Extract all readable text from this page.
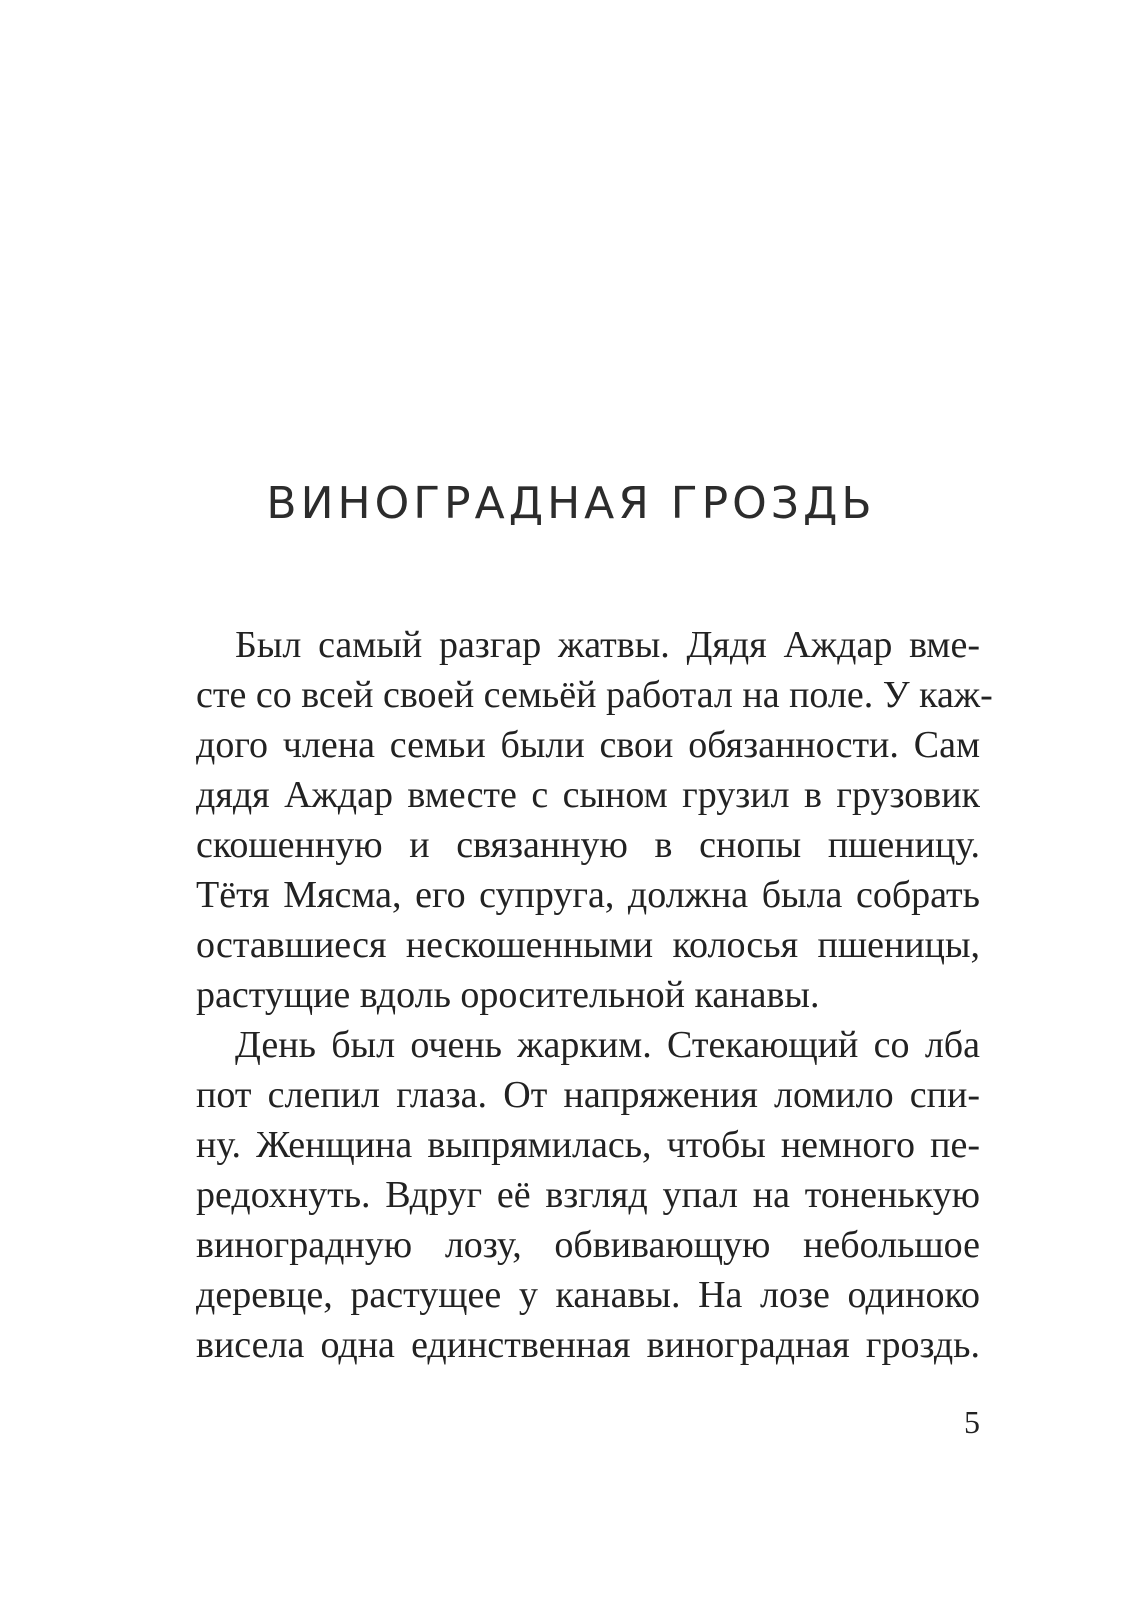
ВИНОГРАДНАЯ ГРОЗДЬ
Был самый разгар жатвы. Дядя Аждар вме-
сте со всей своей семьёй работал на поле. У каж-
дого члена семьи были свои обязанности. Сам
дядя Аждар вместе с сыном грузил в грузовик
скошенную и связанную в снопы пшеницу.
Тётя Мясма, его супруга, должна была собрать
оставшиеся нескошенными колосья пшеницы,
растущие вдоль оросительной канавы.
День был очень жарким. Стекающий со лба
пот слепил глаза. От напряжения ломило спи-
ну. Женщина выпрямилась, чтобы немного пе-
редохнуть. Вдруг её взгляд упал на тоненькую
виноградную лозу, обвивающую небольшое
деревце, растущее у канавы. На лозе одиноко
висела одна единственная виноградная гроздь.
5
